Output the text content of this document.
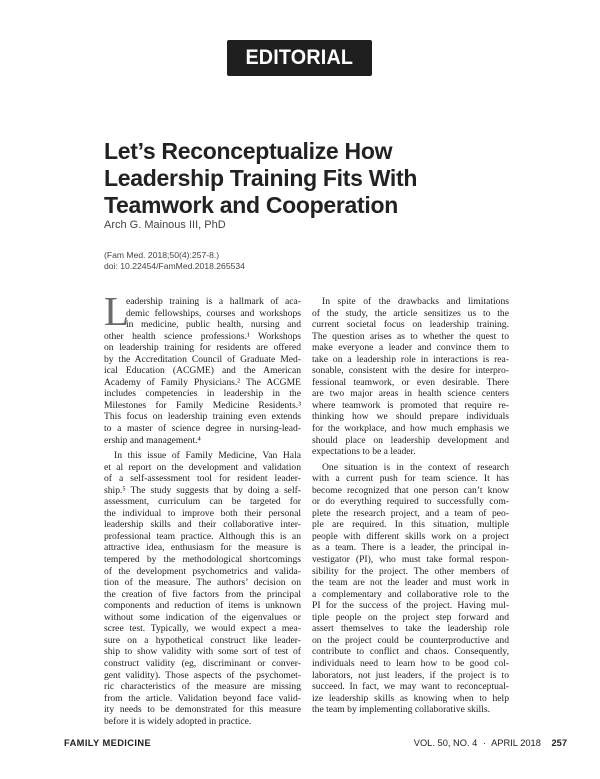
EDITORIAL
Let’s Reconceptualize How
Leadership Training Fits With
Teamwork and Cooperation
Arch G. Mainous III, PhD
(Fam Med. 2018;50(4):257-8.)
doi: 10.22454/FamMed.2018.265534
L
eadership training is a hallmark of aca-
demic fellowships, courses and workshops
in medicine, public health, nursing and
other health science professions.¹ Workshops
on leadership training for residents are offered
by the Accreditation Council of Graduate Med-
ical Education (ACGME) and the American
Academy of Family Physicians.² The ACGME
includes competencies in leadership in the
Milestones for Family Medicine Residents.³
This focus on leadership training even extends
to a master of science degree in nursing-lead-
ership and management.⁴
In this issue of Family Medicine, Van Hala
et al report on the development and validation
of a self-assessment tool for resident leader-
ship.⁵ The study suggests that by doing a self-
assessment, curriculum can be targeted for
the individual to improve both their personal
leadership skills and their collaborative inter-
professional team practice. Although this is an
attractive idea, enthusiasm for the measure is
tempered by the methodological shortcomings
of the development psychometrics and valida-
tion of the measure. The authors’ decision on
the creation of five factors from the principal
components and reduction of items is unknown
without some indication of the eigenvalues or
scree test. Typically, we would expect a mea-
sure on a hypothetical construct like leader-
ship to show validity with some sort of test of
construct validity (eg, discriminant or conver-
gent validity). Those aspects of the psychomet-
ric characteristics of the measure are missing
from the article. Validation beyond face valid-
ity needs to be demonstrated for this measure
before it is widely adopted in practice.
In spite of the drawbacks and limitations
of the study, the article sensitizes us to the
current societal focus on leadership training.
The question arises as to whether the quest to
make everyone a leader and convince them to
take on a leadership role in interactions is rea-
sonable, consistent with the desire for interpro-
fessional teamwork, or even desirable. There
are two major areas in health science centers
where teamwork is promoted that require re-
thinking how we should prepare individuals
for the workplace, and how much emphasis we
should place on leadership development and
expectations to be a leader.
One situation is in the context of research
with a current push for team science. It has
become recognized that one person can’t know
or do everything required to successfully com-
plete the research project, and a team of peo-
ple are required. In this situation, multiple
people with different skills work on a project
as a team. There is a leader, the principal in-
vestigator (PI), who must take formal respon-
sibility for the project. The other members of
the team are not the leader and must work in
a complementary and collaborative role to the
PI for the success of the project. Having mul-
tiple people on the project step forward and
assert themselves to take the leadership role
on the project could be counterproductive and
contribute to conflict and chaos. Consequently,
individuals need to learn how to be good col-
laborators, not just leaders, if the project is to
succeed. In fact, we may want to reconceptual-
ize leadership skills as knowing when to help
the team by implementing collaborative skills.
FAMILY MEDICINE	VOL. 50, NO. 4 · APRIL 2018 257
